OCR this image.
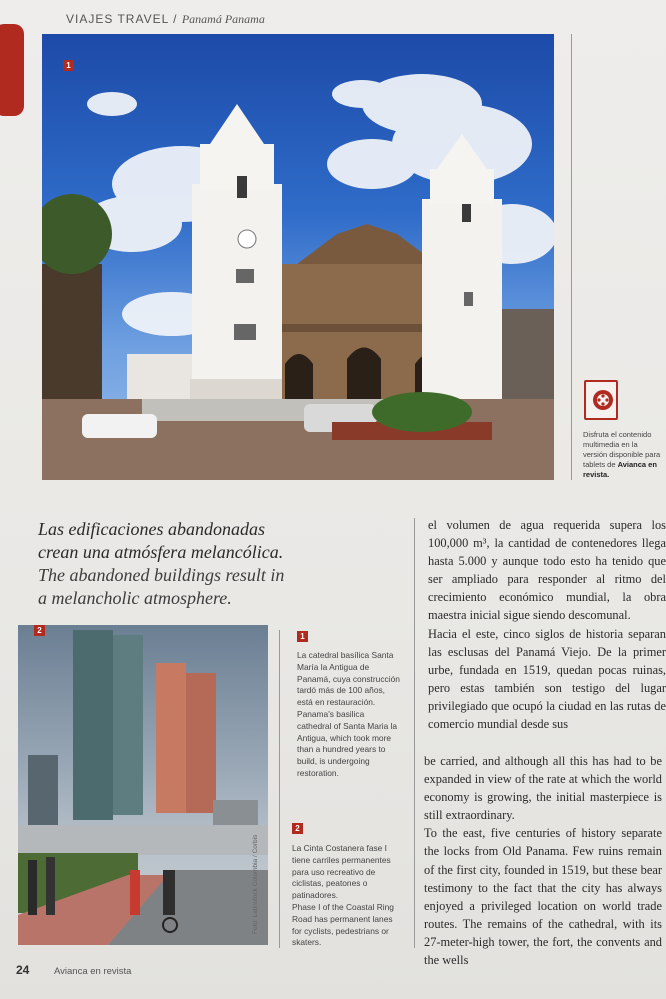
VIAJES TRAVEL / Panamá Panama
1
Disfruta el contenido multimedia en la versión disponible para tablets de Avianca en revista.
Las edificaciones abandonadas
crean una atmósfera melancólica.
The abandoned buildings result in
a melancholic atmosphere.
el volumen de agua requerida supera los 100,000 m³, la cantidad de contenedores llega hasta 5.000 y aunque todo esto ha tenido que ser ampliado para responder al ritmo del crecimiento económico mundial, la obra maestra inicial sigue siendo descomunal.
Hacia el este, cinco siglos de historia separan las esclusas del Panamá Viejo. De la primer urbe, fundada en 1519, quedan pocas ruinas, pero estas también son testigo del lugar privilegiado que ocupó la ciudad en las rutas de comercio mundial desde sus
be carried, and although all this has had to be expanded in view of the rate at which the world economy is growing, the initial masterpiece is still extraordinary.
To the east, five centuries of history separate the locks from Old Panama. Few ruins remain of the first city, founded in 1519, but these bear testimony to the fact that the city has always enjoyed a privileged location on world trade routes. The remains of the cathedral, with its 27-meter-high tower, the fort, the convents and the wells
2
Foto: Latinstock Colombia / Corbis
1
La catedral basílica Santa María la Antigua de Panamá, cuya construcción tardó más de 100 años, está en restauración.
Panama's basilica cathedral of Santa Maria la Antigua, which took more than a hundred years to build, is undergoing restoration.
2
La Cinta Costanera fase I tiene carriles permanentes para uso recreativo de ciclistas, peatones o patinadores.
Phase I of the Coastal Ring Road has permanent lanes for cyclists, pedestrians or skaters.
24	Avianca en revista
